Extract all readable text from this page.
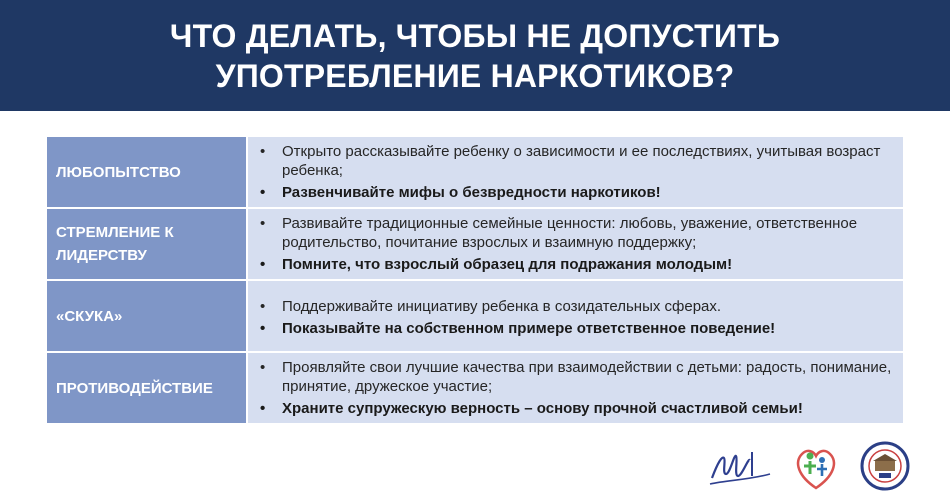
ЧТО ДЕЛАТЬ, ЧТОБЫ НЕ ДОПУСТИТЬ
УПОТРЕБЛЕНИЕ НАРКОТИКОВ?
ЛЮБОПЫТСТВО
•	Открыто рассказывайте ребенку о зависимости и ее последствиях, учитывая возраст ребенка;
•	Развенчивайте мифы о безвредности наркотиков!
СТРЕМЛЕНИЕ К ЛИДЕРСТВУ
•	Развивайте традиционные семейные ценности: любовь, уважение, ответственное родительство, почитание взрослых и взаимную поддержку;
•	Помните, что взрослый образец для подражания молодым!
«СКУКА»
•	Поддерживайте инициативу ребенка в созидательных сферах.
•	Показывайте на собственном примере ответственное поведение!
ПРОТИВОДЕЙСТВИЕ
•	Проявляйте свои лучшие качества при взаимодействии с детьми: радость, понимание, принятие, дружеское участие;
•	Храните супружескую верность – основу прочной счастливой семьи!
